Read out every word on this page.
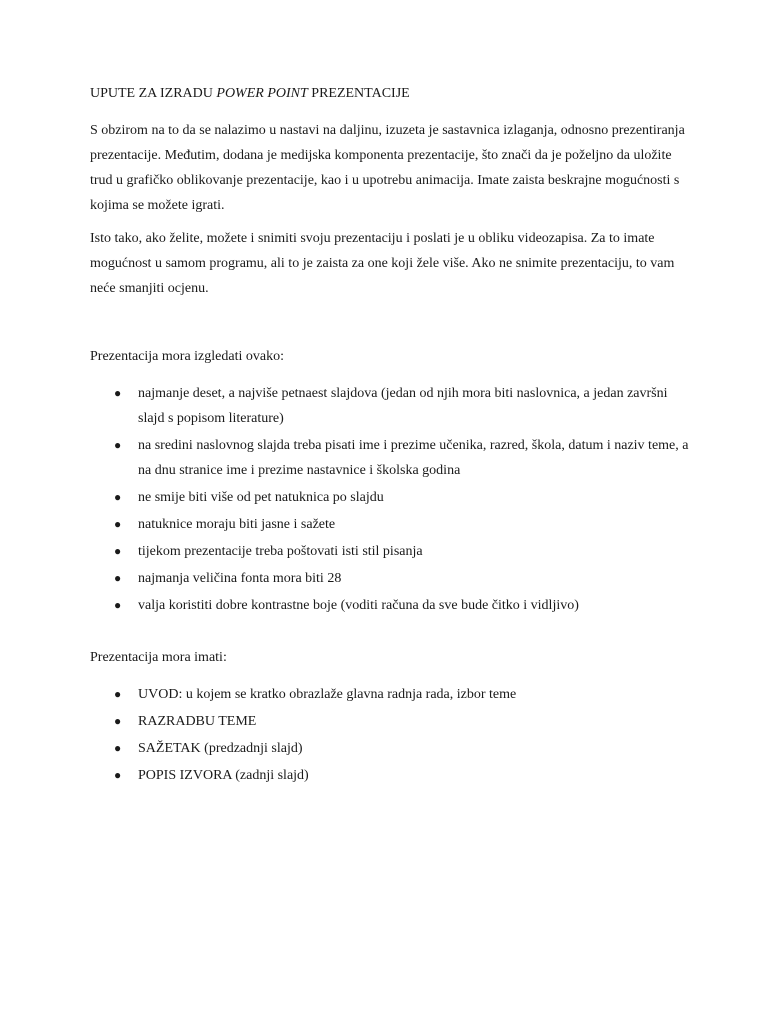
UPUTE ZA IZRADU POWER POINT PREZENTACIJE

S obzirom na to da se nalazimo u nastavi na daljinu, izuzeta je sastavnica izlaganja, odnosno prezentiranja prezentacije. Međutim, dodana je medijska komponenta prezentacije, što znači da je poželjno da uložite trud u grafičko oblikovanje prezentacije, kao i u upotrebu animacija. Imate zaista beskrajne mogućnosti s kojima se možete igrati.

Isto tako, ako želite, možete i snimiti svoju prezentaciju i poslati je u obliku videozapisa. Za to imate mogućnost u samom programu, ali to je zaista za one koji žele više. Ako ne snimite prezentaciju, to vam neće smanjiti ocjenu.

Prezentacija mora izgledati ovako:

● najmanje deset, a najviše petnaest slajdova (jedan od njih mora biti naslovnica, a jedan završni slajd s popisom literature)
● na sredini naslovnog slajda treba pisati ime i prezime učenika, razred, škola, datum i naziv teme, a na dnu stranice ime i prezime nastavnice i školska godina
● ne smije biti više od pet natuknica po slajdu
● natuknice moraju biti jasne i sažete
● tijekom prezentacije treba poštovati isti stil pisanja
● najmanja veličina fonta mora biti 28
● valja koristiti dobre kontrastne boje (voditi računa da sve bude čitko i vidljivo)

Prezentacija mora imati:

● UVOD: u kojem se kratko obrazlaže glavna radnja rada, izbor teme
● RAZRADBU TEME
● SAŽETAK (predzadnji slajd)
● POPIS IZVORA (zadnji slajd)
